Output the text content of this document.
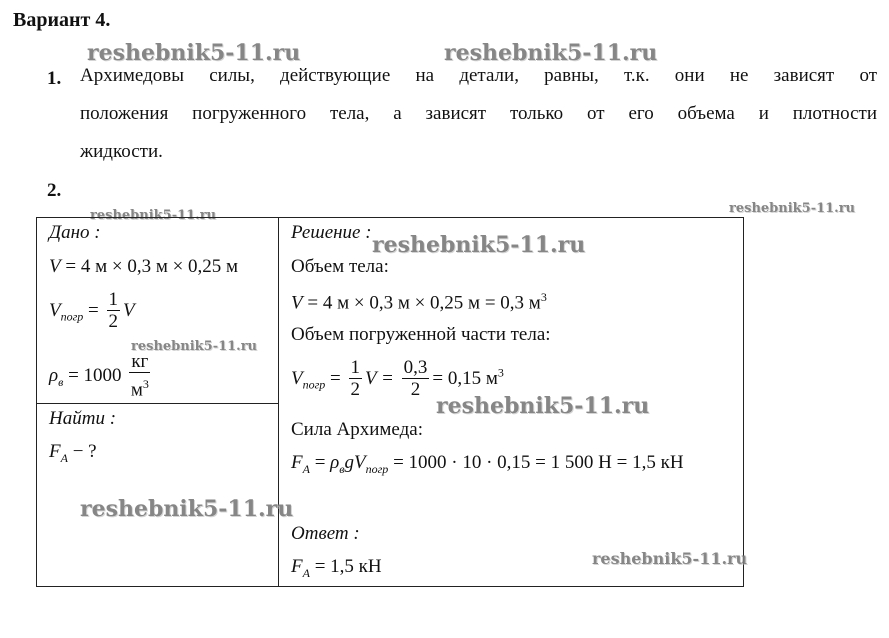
Вариант 4.
reshebnik5-11.ru	reshebnik5-11.ru
1. Архимедовы силы, действующие на детали, равны, т.к. они не зависят от
положения погруженного тела, а зависят только от его объема и плотности
жидкости.
2.
reshebnik5-11.ru	reshebnik5-11.ru
Дано :
V = 4 м × 0,3 м × 0,25 м
$V_{погр} = \frac{1}{2}$ V
reshebnik5-11.ru
$\rho_в = 1000 \frac{кг}{м^3}$
Найти :
$F_A$ − ?
reshebnik5-11.ru
Решение : reshebnik5-11.ru
Объем тела:
V = 4 м × 0,3 м × 0,25 м = 0,3 $м^3$
Объем погруженной части тела:
$V_{погр} = \frac{1}{2}$ $V = \frac{0,3}{2} = 0,15$ $м^3$
reshebnik5-11.ru
Сила Архимеда:
$F_A = \rho_вgV_{погр} = 1000 \cdot 10 \cdot 0,15 = 1$ 500 Н = 1,5 кН
Ответ :
$F_A = 1,5$ кН	reshebnik5-11.ru
